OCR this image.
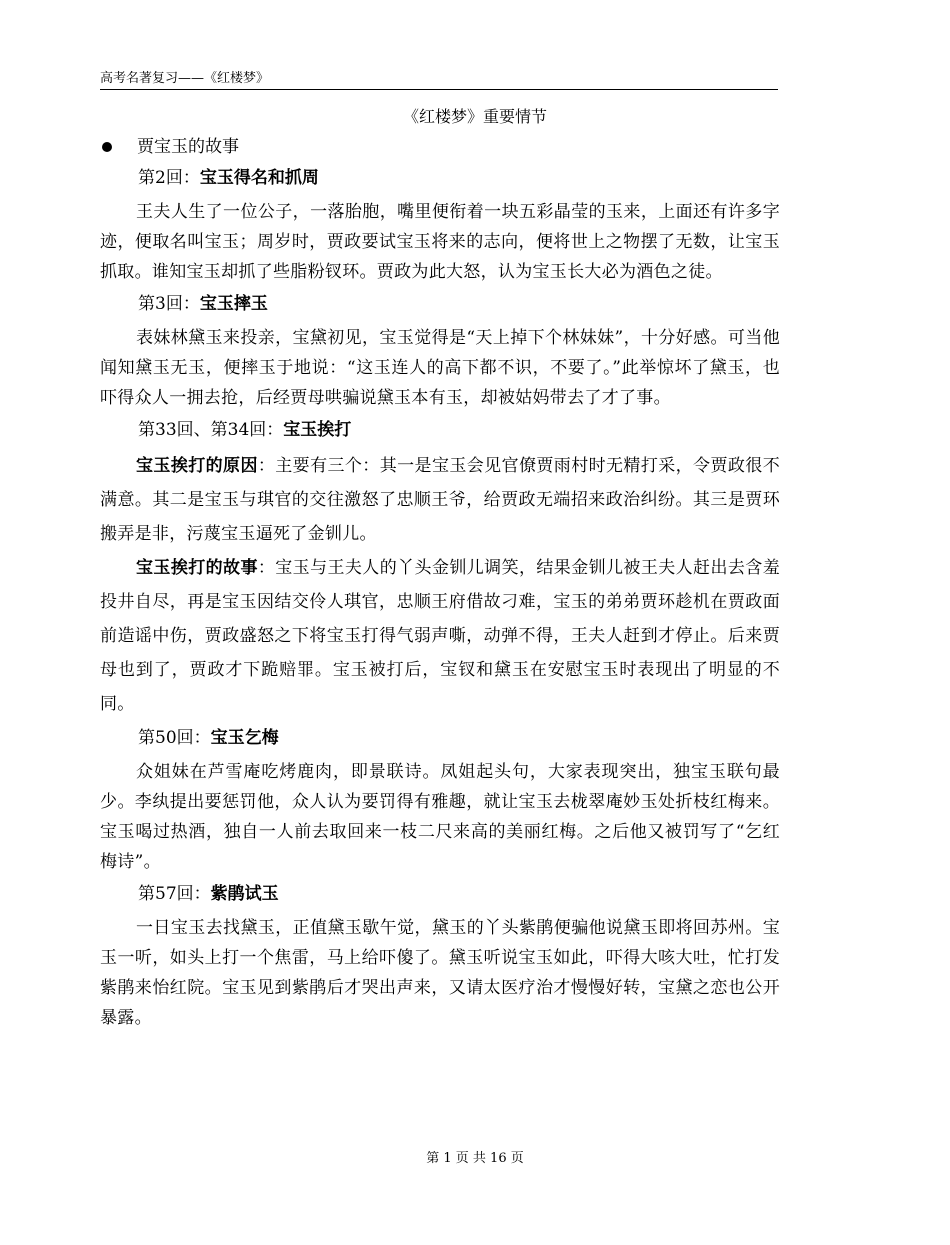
高考名著复习——《红楼梦》
《红楼梦》重要情节
贾宝玉的故事
第2回：宝玉得名和抓周

王夫人生了一位公子，一落胎胞，嘴里便衔着一块五彩晶莹的玉来，上面还有许多字迹，便取名叫宝玉；周岁时，贾政要试宝玉将来的志向，便将世上之物摆了无数，让宝玉抓取。谁知宝玉却抓了些脂粉钗环。贾政为此大怒，认为宝玉长大必为酒色之徒。

第3回：宝玉摔玉

表妹林黛玉来投亲，宝黛初见，宝玉觉得是“天上掉下个林妹妹”，十分好感。可当他闻知黛玉无玉，便摔玉于地说：“这玉连人的高下都不识，不要了。”此举惊坏了黛玉，也吓得众人一拥去抢，后经贾母哄骗说黛玉本有玉，却被姑妈带去了才了事。

第33回、第34回：宝玉挨打

宝玉挨打的原因：主要有三个：其一是宝玉会见官僚贾雨村时无精打采，令贾政很不满意。其二是宝玉与琪官的交往激怒了忠顺王爷，给贾政无端招来政治纠纷。其三是贾环搬弄是非，污蔑宝玉逼死了金钏儿。

宝玉挨打的故事：宝玉与王夫人的丫头金钏儿调笑，结果金钏儿被王夫人赶出去含羞投井自尽，再是宝玉因结交伶人琪官，忠顺王府借故刁难，宝玉的弟弟贾环趁机在贾政面前造谣中伤，贾政盛怒之下将宝玉打得气弱声嘶，动弹不得，王夫人赶到才停止。后来贾母也到了，贾政才下跪赔罪。宝玉被打后，宝钗和黛玉在安慰宝玉时表现出了明显的不同。

第50回：宝玉乞梅

众姐妹在芦雪庵吃烤鹿肉，即景联诗。凤姐起头句，大家表现突出，独宝玉联句最少。李纨提出要惩罚他，众人认为要罚得有雅趣，就让宝玉去栊翠庵妙玉处折枝红梅来。宝玉喝过热酒，独自一人前去取回来一枝二尺来高的美丽红梅。之后他又被罚写了“乞红梅诗”。

第57回：紫鹃试玉

一日宝玉去找黛玉，正值黛玉歇午觉，黛玉的丫头紫鹃便骗他说黛玉即将回苏州。宝玉一听，如头上打一个焦雷，马上给吓傻了。黛玉听说宝玉如此，吓得大咳大吐，忙打发紫鹃来怡红院。宝玉见到紫鹃后才哭出声来，又请太医疗治才慢慢好转，宝黛之恋也公开暴露。

第 1 页 共 16 页
